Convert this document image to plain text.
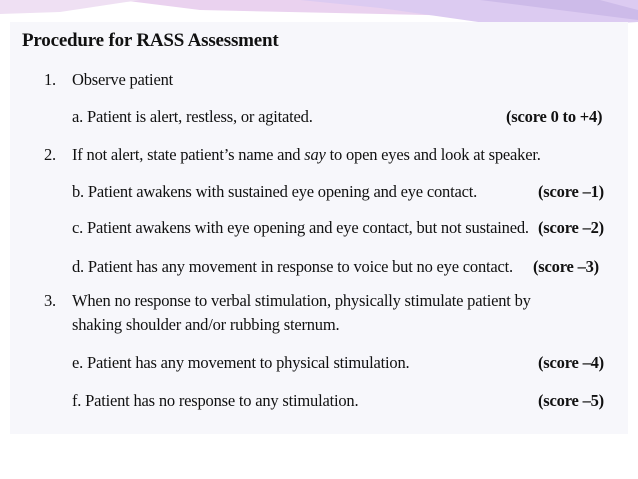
Procedure for RASS Assessment
1. Observe patient
a. Patient is alert, restless, or agitated.	(score 0 to +4)
2. If not alert, state patient’s name and say to open eyes and look at speaker.
b. Patient awakens with sustained eye opening and eye contact.	(score –1)
c. Patient awakens with eye opening and eye contact, but not sustained. (score –2)
d. Patient has any movement in response to voice but no eye contact. (score –3)
3. When no response to verbal stimulation, physically stimulate patient by
shaking shoulder and/or rubbing sternum.
e. Patient has any movement to physical stimulation.	(score –4)
f. Patient has no response to any stimulation.	(score –5)
